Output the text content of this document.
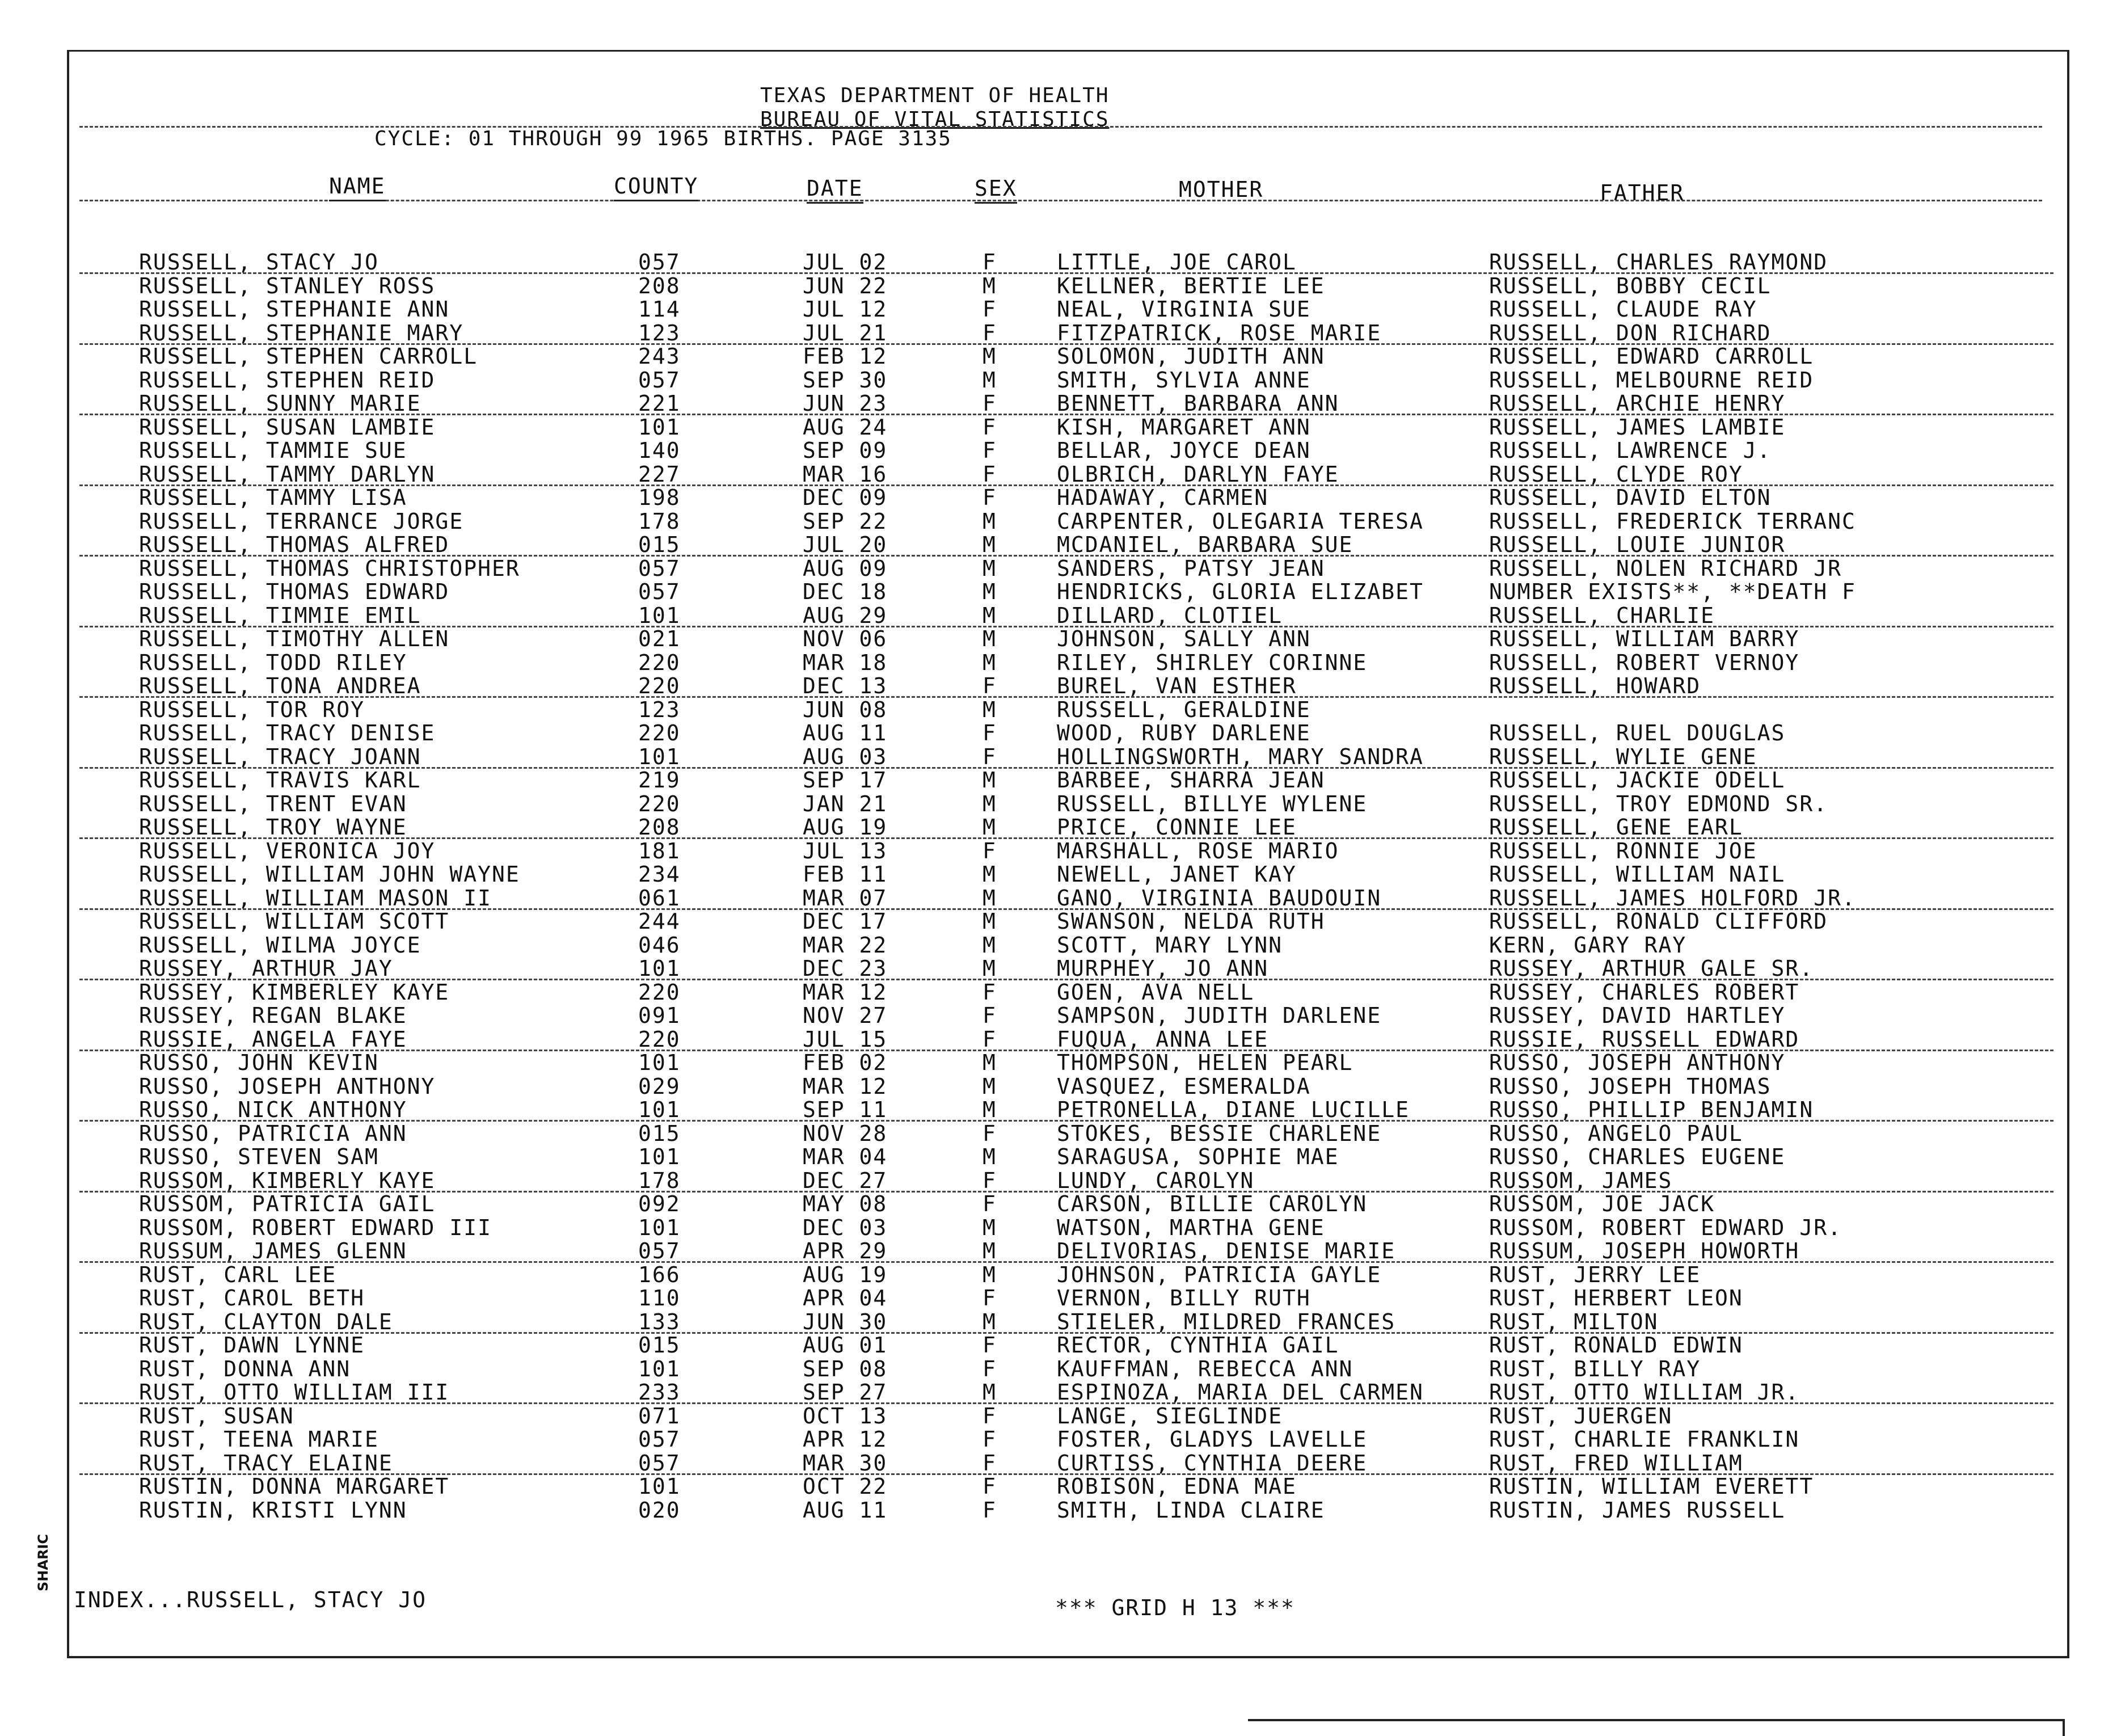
TEXAS DEPARTMENT OF HEALTH
BUREAU OF VITAL STATISTICS
CYCLE: 01 THROUGH 99 1965 BIRTHS. PAGE 3135
NAME	COUNTY	DATE	SEX	MOTHER	FATHER
RUSSELL, STACY JO	057	JUL 02	F	LITTLE, JOE CAROL	RUSSELL, CHARLES RAYMOND
RUSSELL, STANLEY ROSS	208	JUN 22	M	KELLNER, BERTIE LEE	RUSSELL, BOBBY CECIL
RUSSELL, STEPHANIE ANN	114	JUL 12	F	NEAL, VIRGINIA SUE	RUSSELL, CLAUDE RAY
RUSSELL, STEPHANIE MARY	123	JUL 21	F	FITZPATRICK, ROSE MARIE	RUSSELL, DON RICHARD
RUSSELL, STEPHEN CARROLL	243	FEB 12	M	SOLOMON, JUDITH ANN	RUSSELL, EDWARD CARROLL
RUSSELL, STEPHEN REID	057	SEP 30	M	SMITH, SYLVIA ANNE	RUSSELL, MELBOURNE REID
RUSSELL, SUNNY MARIE	221	JUN 23	F	BENNETT, BARBARA ANN	RUSSELL, ARCHIE HENRY
RUSSELL, SUSAN LAMBIE	101	AUG 24	F	KISH, MARGARET ANN	RUSSELL, JAMES LAMBIE
RUSSELL, TAMMIE SUE	140	SEP 09	F	BELLAR, JOYCE DEAN	RUSSELL, LAWRENCE J.
RUSSELL, TAMMY DARLYN	227	MAR 16	F	OLBRICH, DARLYN FAYE	RUSSELL, CLYDE ROY
RUSSELL, TAMMY LISA	198	DEC 09	F	HADAWAY, CARMEN	RUSSELL, DAVID ELTON
RUSSELL, TERRANCE JORGE	178	SEP 22	M	CARPENTER, OLEGARIA TERESA	RUSSELL, FREDERICK TERRANC
RUSSELL, THOMAS ALFRED	015	JUL 20	M	MCDANIEL, BARBARA SUE	RUSSELL, LOUIE JUNIOR
RUSSELL, THOMAS CHRISTOPHER	057	AUG 09	M	SANDERS, PATSY JEAN	RUSSELL, NOLEN RICHARD JR
RUSSELL, THOMAS EDWARD	057	DEC 18	M	HENDRICKS, GLORIA ELIZABET	NUMBER EXISTS**, **DEATH F
RUSSELL, TIMMIE EMIL	101	AUG 29	M	DILLARD, CLOTIEL	RUSSELL, CHARLIE
RUSSELL, TIMOTHY ALLEN	021	NOV 06	M	JOHNSON, SALLY ANN	RUSSELL, WILLIAM BARRY
RUSSELL, TODD RILEY	220	MAR 18	M	RILEY, SHIRLEY CORINNE	RUSSELL, ROBERT VERNOY
RUSSELL, TONA ANDREA	220	DEC 13	F	BUREL, VAN ESTHER	RUSSELL, HOWARD
RUSSELL, TOR ROY	123	JUN 08	M	RUSSELL, GERALDINE
RUSSELL, TRACY DENISE	220	AUG 11	F	WOOD, RUBY DARLENE	RUSSELL, RUEL DOUGLAS
RUSSELL, TRACY JOANN	101	AUG 03	F	HOLLINGSWORTH, MARY SANDRA	RUSSELL, WYLIE GENE
RUSSELL, TRAVIS KARL	219	SEP 17	M	BARBEE, SHARRA JEAN	RUSSELL, JACKIE ODELL
RUSSELL, TRENT EVAN	220	JAN 21	M	RUSSELL, BILLYE WYLENE	RUSSELL, TROY EDMOND SR.
RUSSELL, TROY WAYNE	208	AUG 19	M	PRICE, CONNIE LEE	RUSSELL, GENE EARL
RUSSELL, VERONICA JOY	181	JUL 13	F	MARSHALL, ROSE MARIO	RUSSELL, RONNIE JOE
RUSSELL, WILLIAM JOHN WAYNE	234	FEB 11	M	NEWELL, JANET KAY	RUSSELL, WILLIAM NAIL
RUSSELL, WILLIAM MASON II	061	MAR 07	M	GANO, VIRGINIA BAUDOUIN	RUSSELL, JAMES HOLFORD JR.
RUSSELL, WILLIAM SCOTT	244	DEC 17	M	SWANSON, NELDA RUTH	RUSSELL, RONALD CLIFFORD
RUSSELL, WILMA JOYCE	046	MAR 22	M	SCOTT, MARY LYNN	KERN, GARY RAY
RUSSEY, ARTHUR JAY	101	DEC 23	M	MURPHEY, JO ANN	RUSSEY, ARTHUR GALE SR.
RUSSEY, KIMBERLEY KAYE	220	MAR 12	F	GOEN, AVA NELL	RUSSEY, CHARLES ROBERT
RUSSEY, REGAN BLAKE	091	NOV 27	F	SAMPSON, JUDITH DARLENE	RUSSEY, DAVID HARTLEY
RUSSIE, ANGELA FAYE	220	JUL 15	F	FUQUA, ANNA LEE	RUSSIE, RUSSELL EDWARD
RUSSO, JOHN KEVIN	101	FEB 02	M	THOMPSON, HELEN PEARL	RUSSO, JOSEPH ANTHONY
RUSSO, JOSEPH ANTHONY	029	MAR 12	M	VASQUEZ, ESMERALDA	RUSSO, JOSEPH THOMAS
RUSSO, NICK ANTHONY	101	SEP 11	M	PETRONELLA, DIANE LUCILLE	RUSSO, PHILLIP BENJAMIN
RUSSO, PATRICIA ANN	015	NOV 28	F	STOKES, BESSIE CHARLENE	RUSSO, ANGELO PAUL
RUSSO, STEVEN SAM	101	MAR 04	M	SARAGUSA, SOPHIE MAE	RUSSO, CHARLES EUGENE
RUSSOM, KIMBERLY KAYE	178	DEC 27	F	LUNDY, CAROLYN	RUSSOM, JAMES
RUSSOM, PATRICIA GAIL	092	MAY 08	F	CARSON, BILLIE CAROLYN	RUSSOM, JOE JACK
RUSSOM, ROBERT EDWARD III	101	DEC 03	M	WATSON, MARTHA GENE	RUSSOM, ROBERT EDWARD JR.
RUSSUM, JAMES GLENN	057	APR 29	M	DELIVORIAS, DENISE MARIE	RUSSUM, JOSEPH HOWORTH
RUST, CARL LEE	166	AUG 19	M	JOHNSON, PATRICIA GAYLE	RUST, JERRY LEE
RUST, CAROL BETH	110	APR 04	F	VERNON, BILLY RUTH	RUST, HERBERT LEON
RUST, CLAYTON DALE	133	JUN 30	M	STIELER, MILDRED FRANCES	RUST, MILTON
RUST, DAWN LYNNE	015	AUG 01	F	RECTOR, CYNTHIA GAIL	RUST, RONALD EDWIN
RUST, DONNA ANN	101	SEP 08	F	KAUFFMAN, REBECCA ANN	RUST, BILLY RAY
RUST, OTTO WILLIAM III	233	SEP 27	M	ESPINOZA, MARIA DEL CARMEN	RUST, OTTO WILLIAM JR.
RUST, SUSAN	071	OCT 13	F	LANGE, SIEGLINDE	RUST, JUERGEN
RUST, TEENA MARIE	057	APR 12	F	FOSTER, GLADYS LAVELLE	RUST, CHARLIE FRANKLIN
RUST, TRACY ELAINE	057	MAR 30	F	CURTISS, CYNTHIA DEERE	RUST, FRED WILLIAM
RUSTIN, DONNA MARGARET	101	OCT 22	F	ROBISON, EDNA MAE	RUSTIN, WILLIAM EVERETT
RUSTIN, KRISTI LYNN	020	AUG 11	F	SMITH, LINDA CLAIRE	RUSTIN, JAMES RUSSELL
INDEX...RUSSELL, STACY JO	*** GRID H 13 ***
SHARIC
